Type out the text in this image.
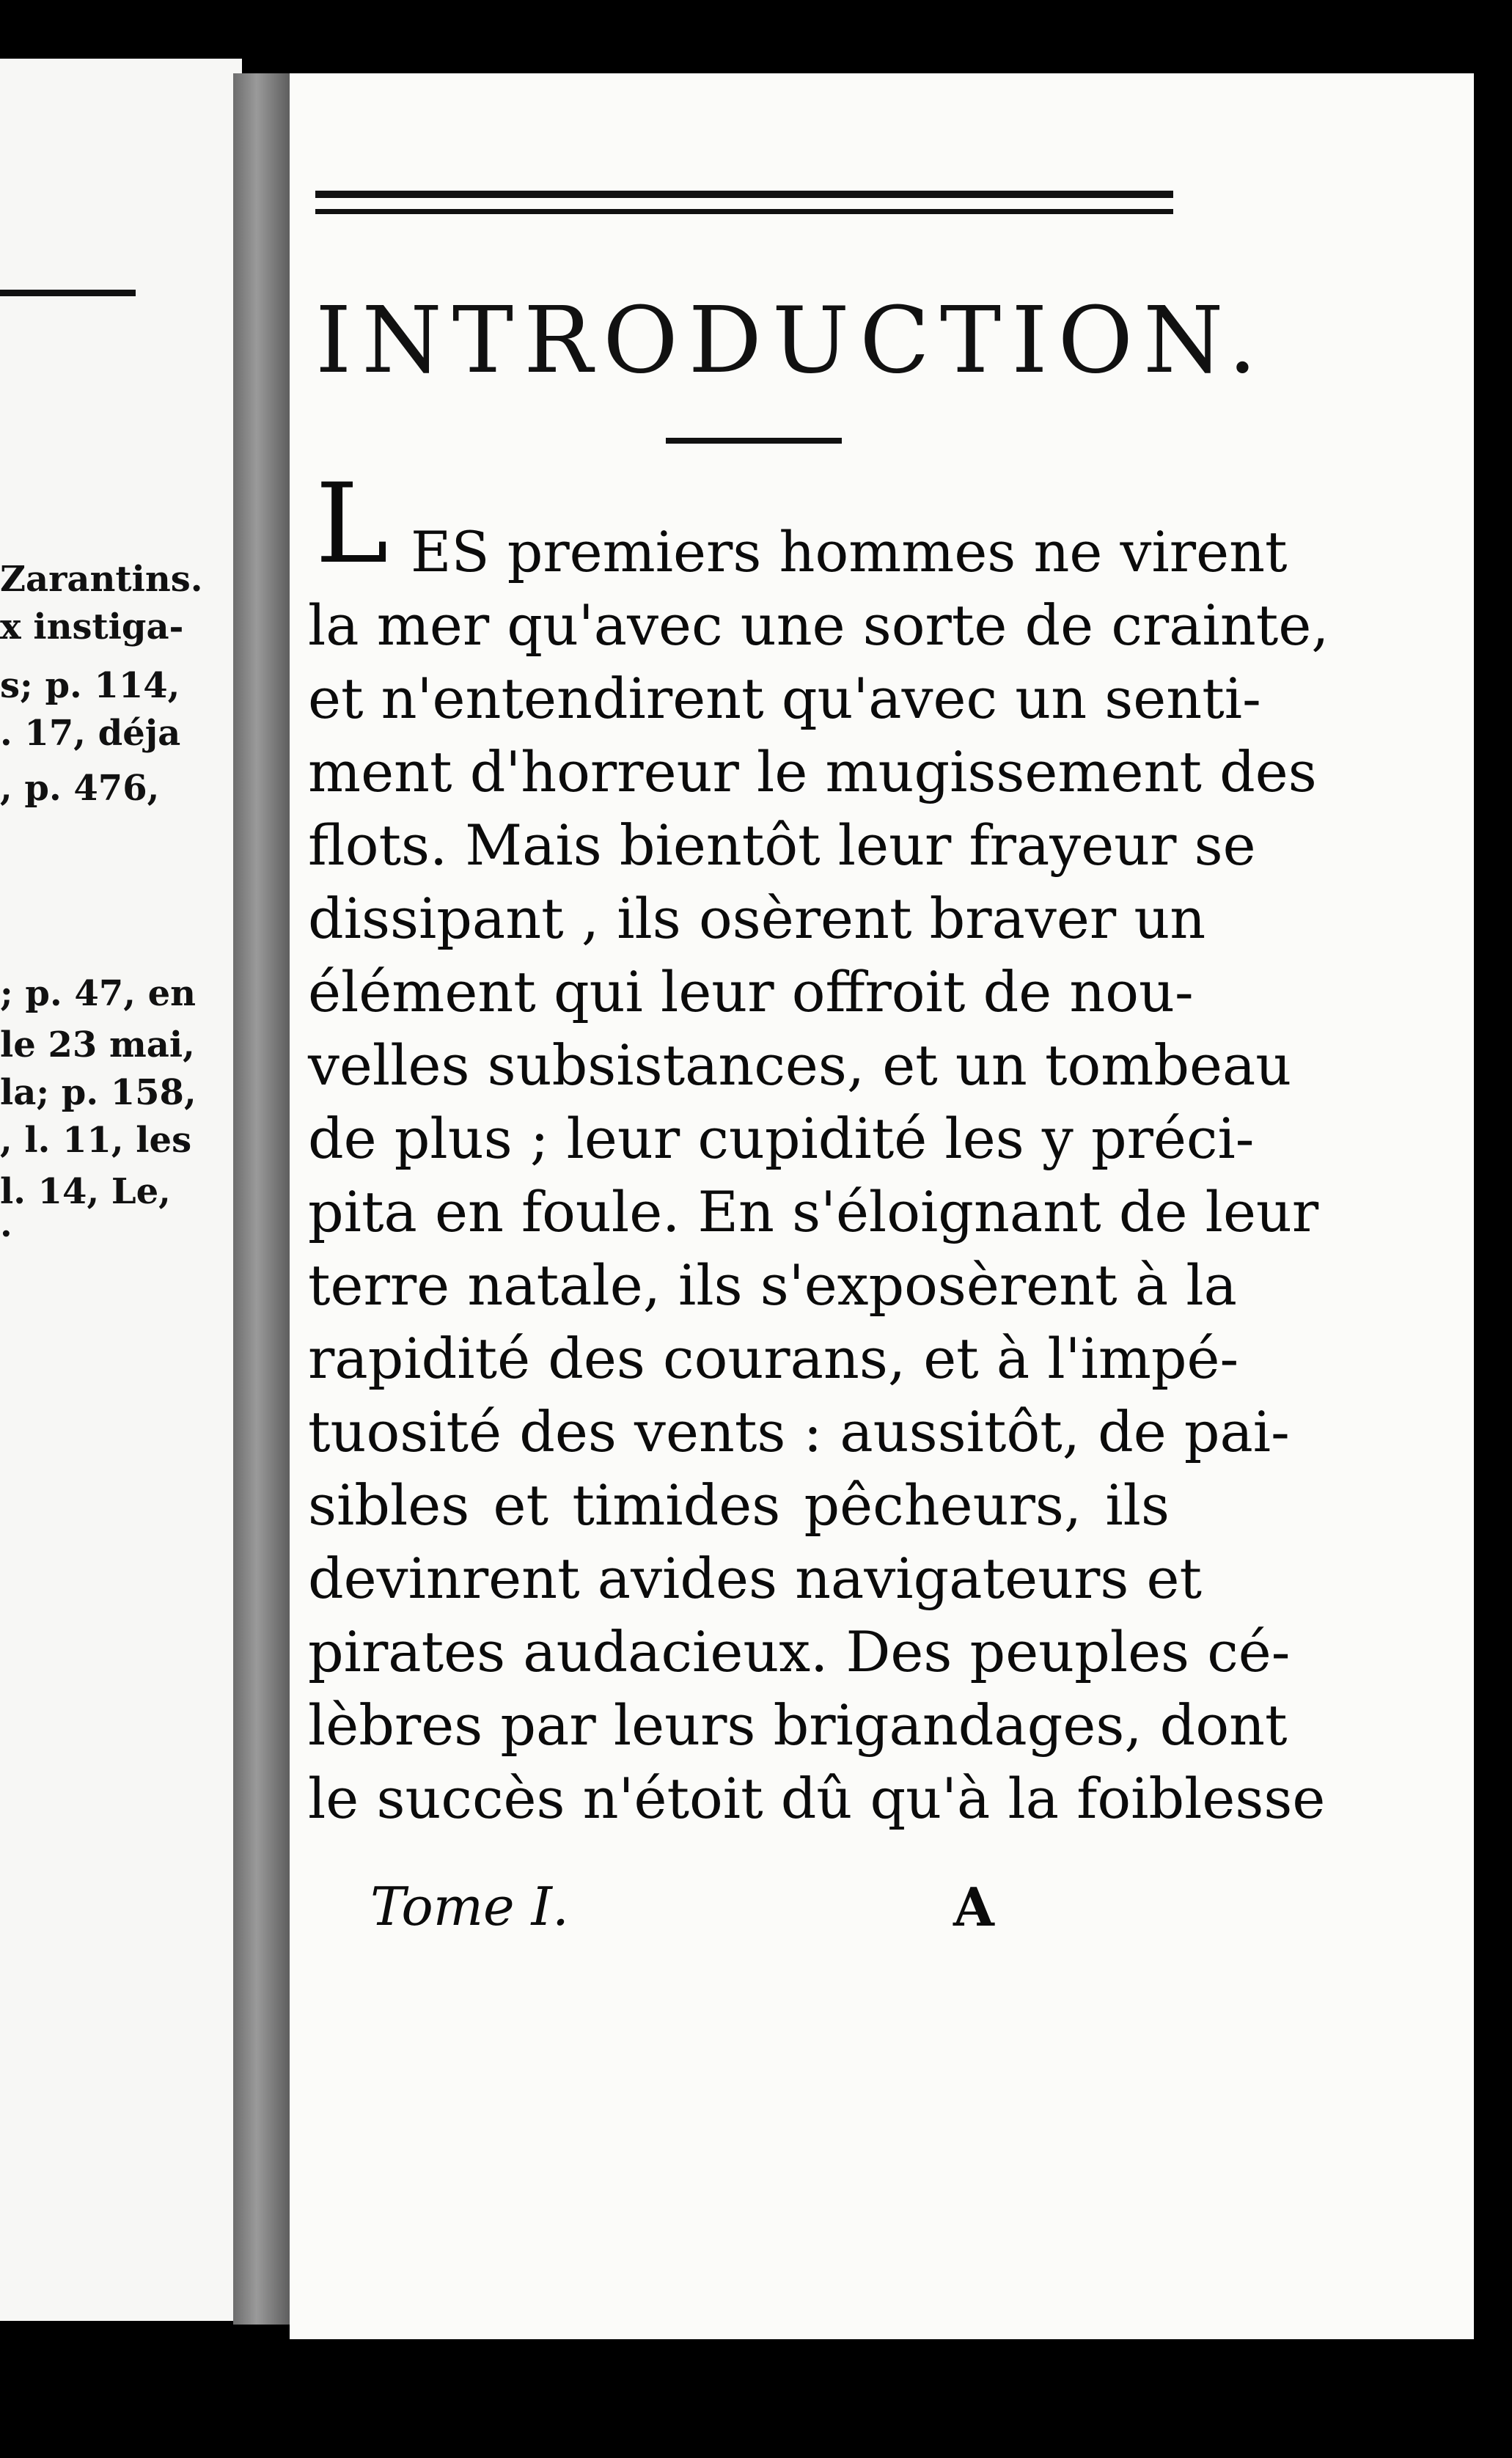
Zarantins.
x instiga-
s; p. 114,
. 17, déja
, p. 476,
; p. 47, en
le 23 mai,
la; p. 158,
, l. 11, les
l. 14, Le,
.
INTRODUCTION.
L ES premiers hommes ne virent
la mer qu'avec une sorte de crainte,
et n'entendirent qu'avec un senti-
ment d'horreur le mugissement des
flots. Mais bientôt leur frayeur se
dissipant , ils osèrent braver un
élément qui leur offroit de nou-
velles subsistances, et un tombeau
de plus ; leur cupidité les y préci-
pita en foule. En s'éloignant de leur
terre natale, ils s'exposèrent à la
rapidité des courans, et à l'impé-
tuosité des vents : aussitôt, de pai-
sibles et timides pêcheurs, ils
devinrent avides navigateurs et
pirates audacieux. Des peuples cé-
lèbres par leurs brigandages, dont
le succès n'étoit dû qu'à la foiblesse
Tome I.	A
